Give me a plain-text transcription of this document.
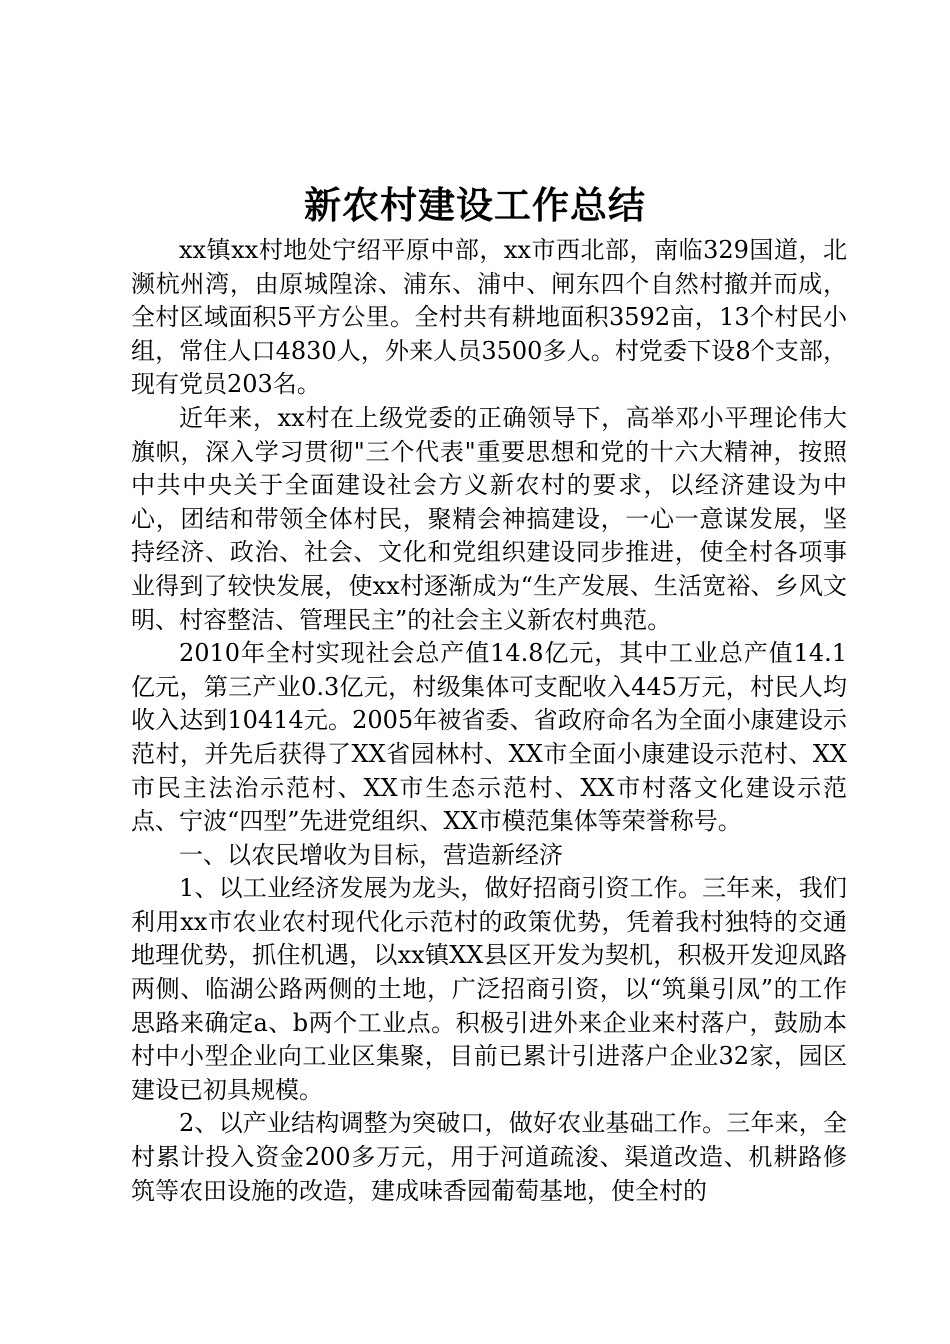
新农村建设工作总结

xx镇xx村地处宁绍平原中部，xx市西北部，南临329国道，北濒杭州湾，由原城隍涂、浦东、浦中、闸东四个自然村撤并而成，全村区域面积5平方公里。全村共有耕地面积3592亩，13个村民小组，常住人口4830人，外来人员3500多人。村党委下设8个支部，现有党员203名。

近年来，xx村在上级党委的正确领导下，高举邓小平理论伟大旗帜，深入学习贯彻"三个代表"重要思想和党的十六大精神，按照中共中央关于全面建设社会方义新农村的要求，以经济建设为中心，团结和带领全体村民，聚精会神搞建设，一心一意谋发展，坚持经济、政治、社会、文化和党组织建设同步推进，使全村各项事业得到了较快发展，使xx村逐渐成为“生产发展、生活宽裕、乡风文明、村容整洁、管理民主”的社会主义新农村典范。

2010年全村实现社会总产值14.8亿元，其中工业总产值14.1亿元，第三产业0.3亿元，村级集体可支配收入445万元，村民人均收入达到10414元。2005年被省委、省政府命名为全面小康建设示范村，并先后获得了XX省园林村、XX市全面小康建设示范村、XX市民主法治示范村、XX市生态示范村、XX市村落文化建设示范点、宁波“四型”先进党组织、XX市模范集体等荣誉称号。

一、以农民增收为目标，营造新经济

1、以工业经济发展为龙头，做好招商引资工作。三年来，我们利用xx市农业农村现代化示范村的政策优势，凭着我村独特的交通地理优势，抓住机遇，以xx镇XX县区开发为契机，积极开发迎凤路两侧、临湖公路两侧的土地，广泛招商引资，以“筑巢引凤”的工作思路来确定a、b两个工业点。积极引进外来企业来村落户，鼓励本村中小型企业向工业区集聚，目前已累计引进落户企业32家，园区建设已初具规模。

2、以产业结构调整为突破口，做好农业基础工作。三年来，全村累计投入资金200多万元，用于河道疏浚、渠道改造、机耕路修筑等农田设施的改造，建成味香园葡萄基地，使全村的
